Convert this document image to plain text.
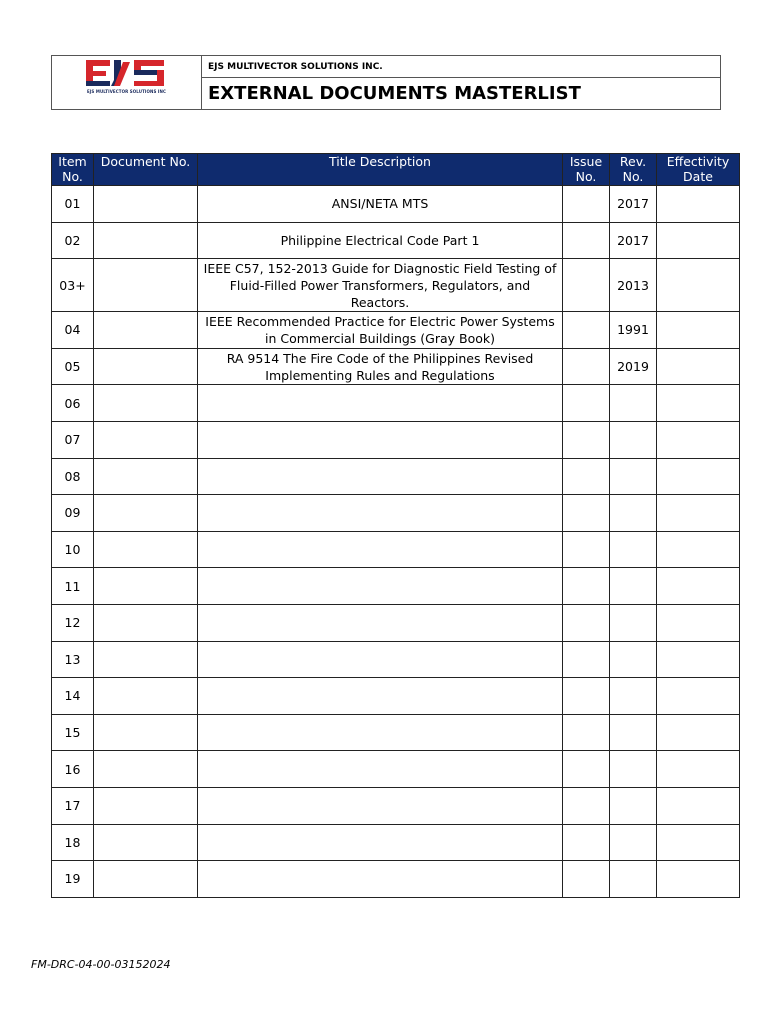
EJS MULTIVECTOR SOLUTIONS INC
EJS MULTIVECTOR SOLUTIONS INC.
EXTERNAL DOCUMENTS MASTERLIST
Item No.	Document No.	Title Description	Issue No.	Rev. No.	Effectivity Date
01		ANSI/NETA MTS		2017	
02		Philippine Electrical Code Part 1		2017	
03+		IEEE C57, 152-2013 Guide for Diagnostic Field Testing of Fluid-Filled Power Transformers, Regulators, and Reactors.		2013	
04		IEEE Recommended Practice for Electric Power Systems in Commercial Buildings (Gray Book)		1991	
05		RA 9514 The Fire Code of the Philippines Revised Implementing Rules and Regulations		2019	
06					
07					
08					
09					
10					
11					
12					
13					
14					
15					
16					
17					
18					
19					
FM-DRC-04-00-03152024
